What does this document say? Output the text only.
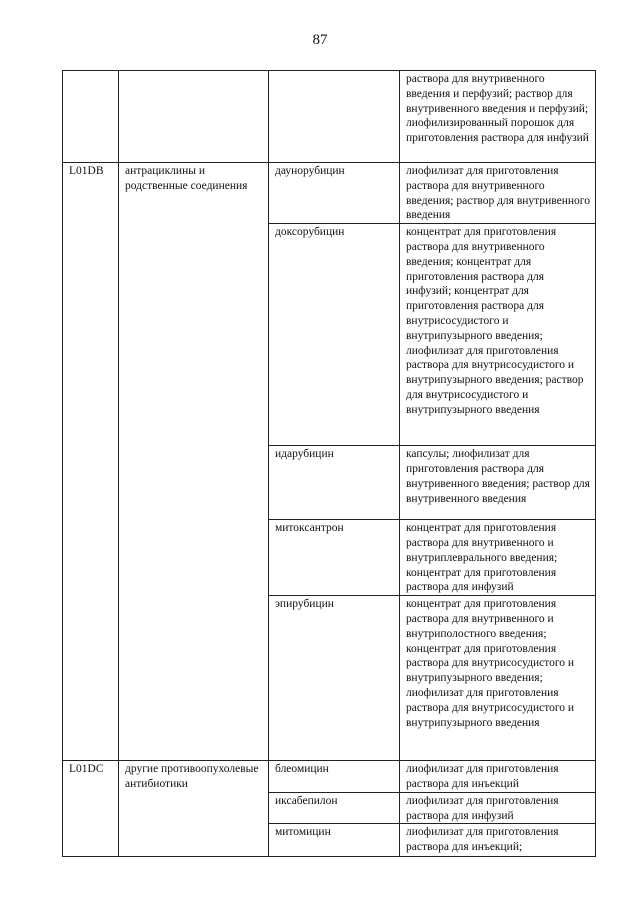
87
			раствора для внутривенного введения и перфузий; раствор для внутривенного введения и перфузий; лиофилизированный порошок для приготовления раствора для инфузий
L01DB	антрациклины и родственные соединения	даунорубицин	лиофилизат для приготовления раствора для внутривенного введения; раствор для внутривенного введения
		доксорубицин	концентрат для приготовления раствора для внутривенного введения; концентрат для приготовления раствора для инфузий; концентрат для приготовления раствора для внутрисосудистого и внутрипузырного введения; лиофилизат для приготовления раствора для внутрисосудистого и внутрипузырного введения; раствор для внутрисосудистого и внутрипузырного введения
		идарубицин	капсулы; лиофилизат для приготовления раствора для внутривенного введения; раствор для внутривенного введения
		митоксантрон	концентрат для приготовления раствора для внутривенного и внутриплеврального введения; концентрат для приготовления раствора для инфузий
		эпирубицин	концентрат для приготовления раствора для внутривенного и внутриполостного введения; концентрат для приготовления раствора для внутрисосудистого и внутрипузырного введения; лиофилизат для приготовления раствора для внутрисосудистого и внутрипузырного введения
L01DC	другие противоопухолевые антибиотики	блеомицин	лиофилизат для приготовления раствора для инъекций
		иксабепилон	лиофилизат для приготовления раствора для инфузий
		митомицин	лиофилизат для приготовления раствора для инъекций;
